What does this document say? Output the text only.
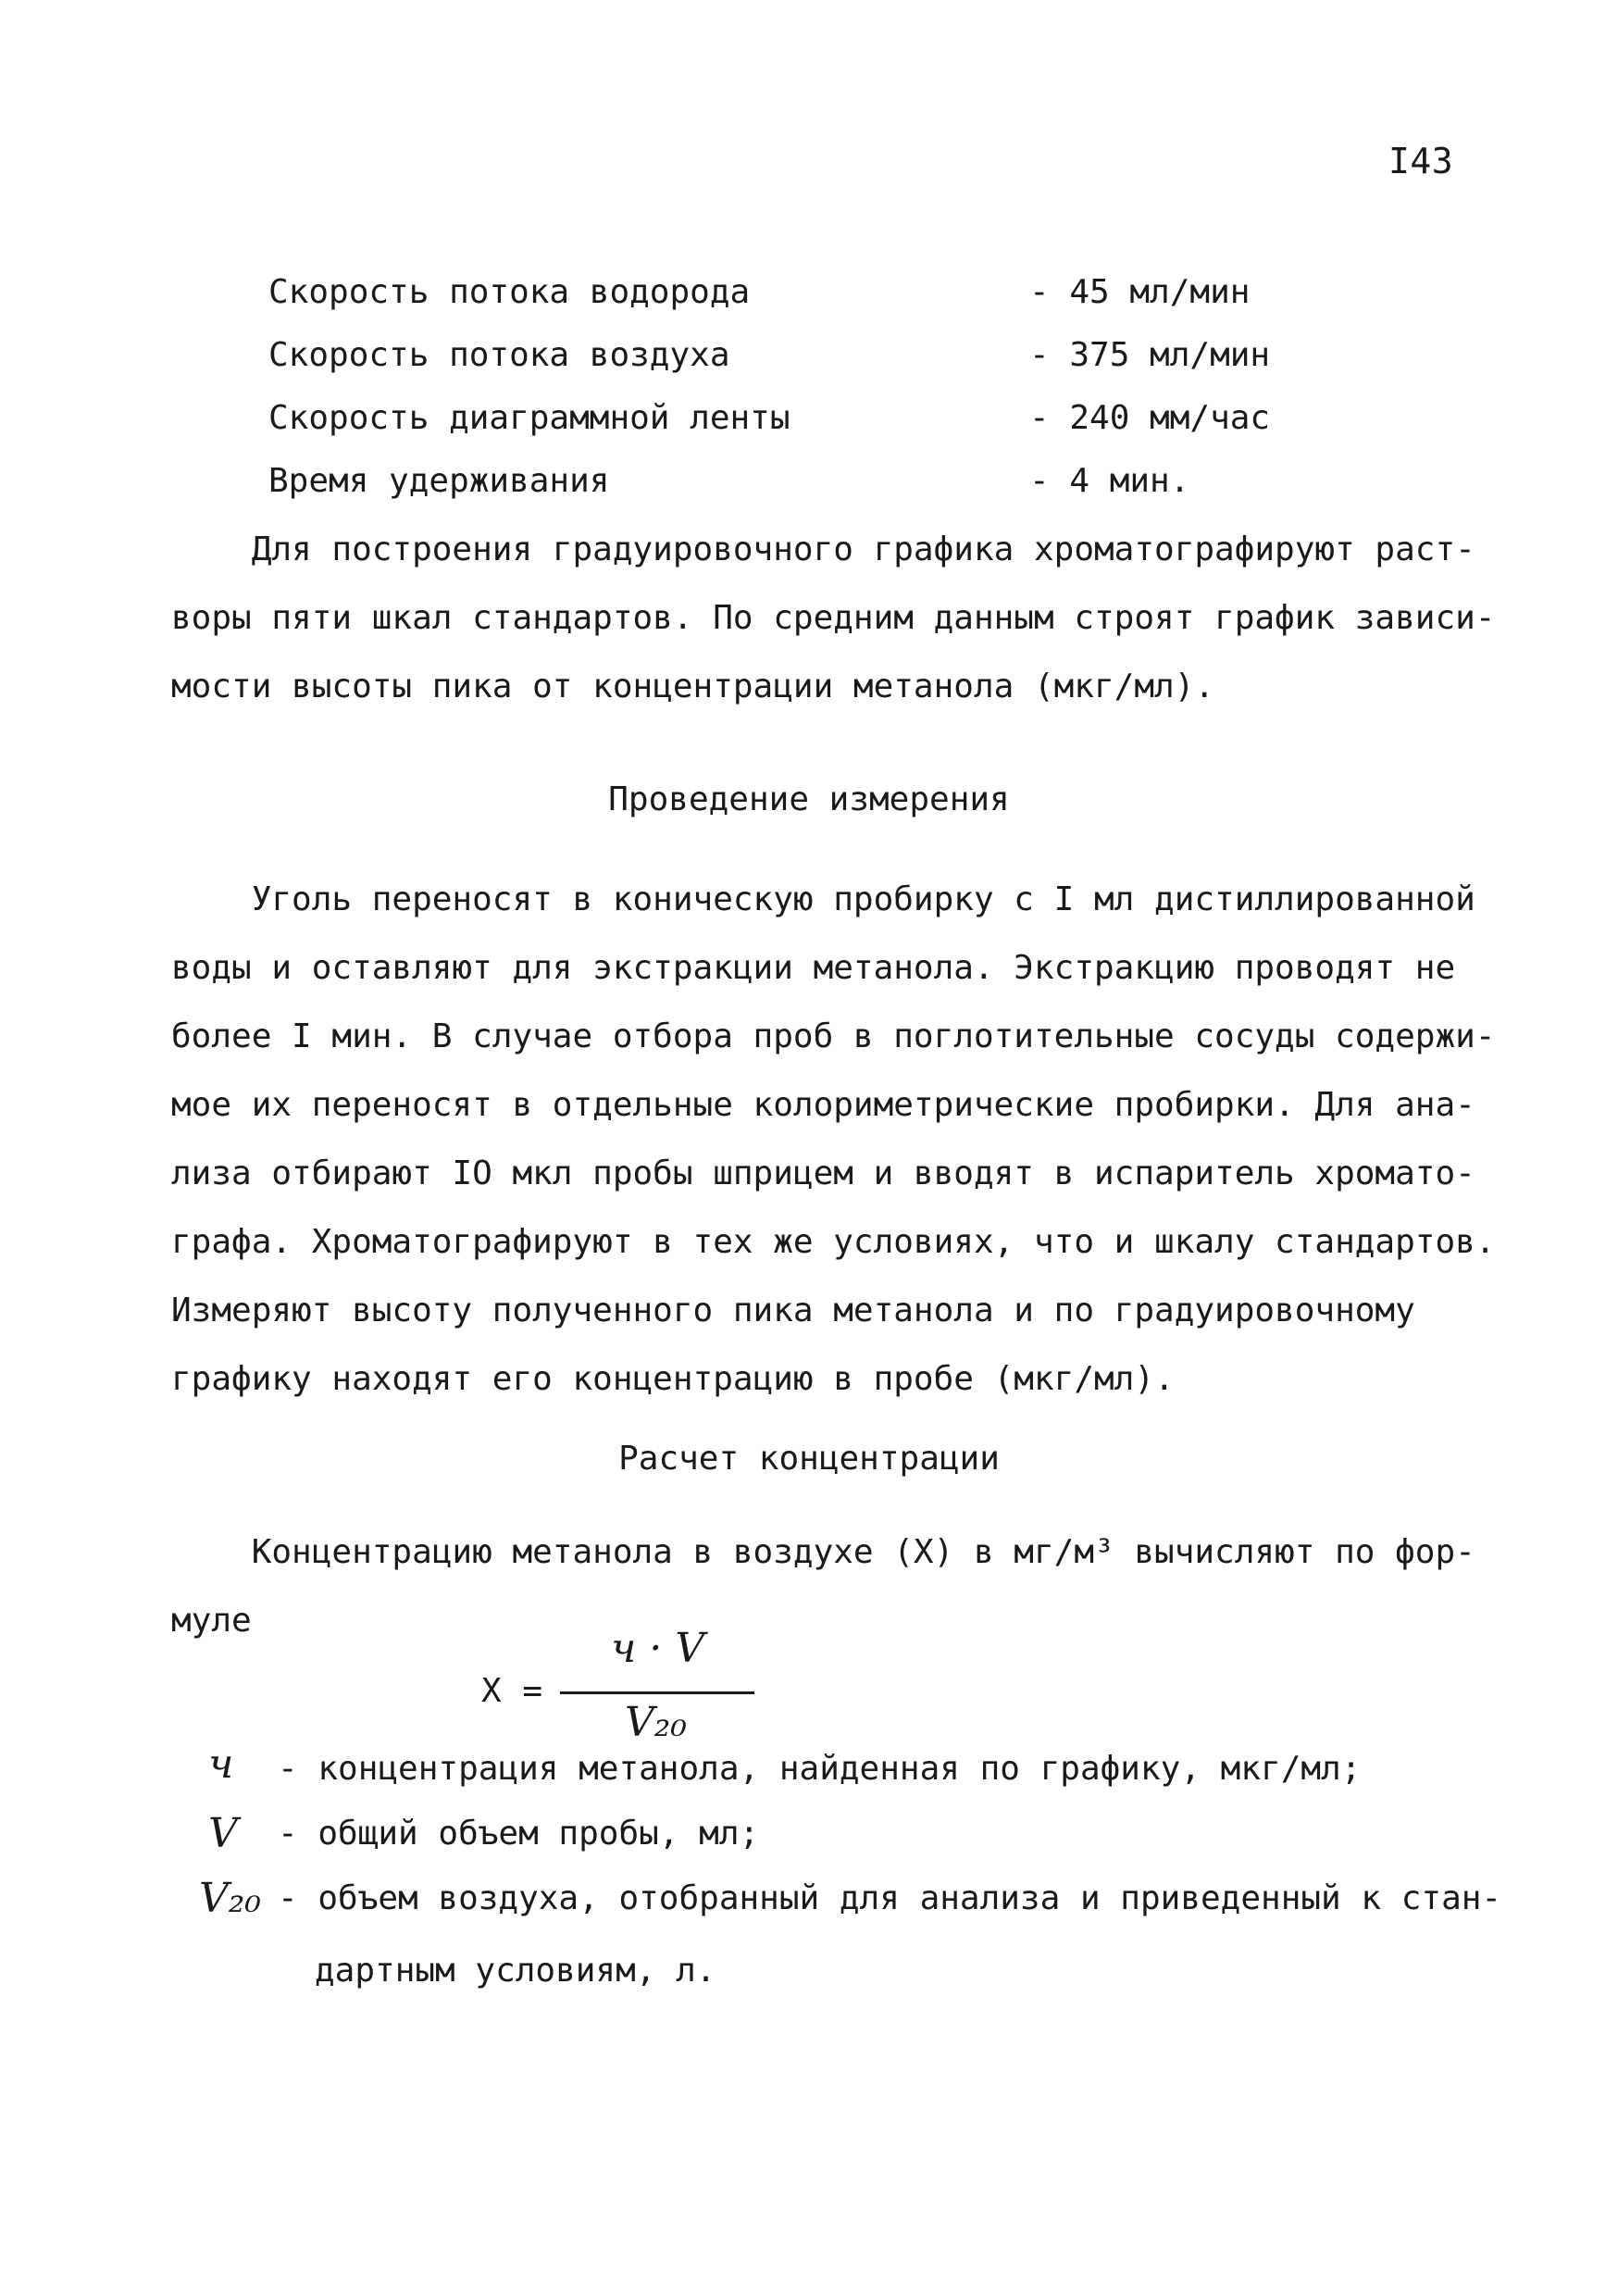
I43
Скорость потока водорода	- 45 мл/мин
Скорость потока воздуха	- 375 мл/мин
Скорость диаграммной ленты	- 240 мм/час
Время удерживания	- 4 мин.
Для построения градуировочного графика хроматографируют раст-
воры пяти шкал стандартов. По средним данным строят график зависи-
мости высоты пика от концентрации метанола (мкг/мл).
Проведение измерения
Уголь переносят в коническую пробирку с I мл дистиллированной
воды и оставляют для экстракции метанола. Экстракцию проводят не
более I мин. В случае отбора проб в поглотительные сосуды содержи-
мое их переносят в отдельные колориметрические пробирки. Для ана-
лиза отбирают IO мкл пробы шприцем и вводят в испаритель хромато-
графа. Хроматографируют в тех же условиях, что и шкалу стандартов.
Измеряют высоту полученного пика метанола и по градуировочному
графику находят его концентрацию в пробе (мкг/мл).
Расчет концентрации
Концентрацию метанола в воздухе (X) в мг/м³ вычисляют по фор-
муле
X =
ч · V
V₂₀
ч - концентрация метанола, найденная по графику, мкг/мл;
V - общий объем пробы, мл;
V₂₀ - объем воздуха, отобранный для анализа и приведенный к стан-
дартным условиям, л.
